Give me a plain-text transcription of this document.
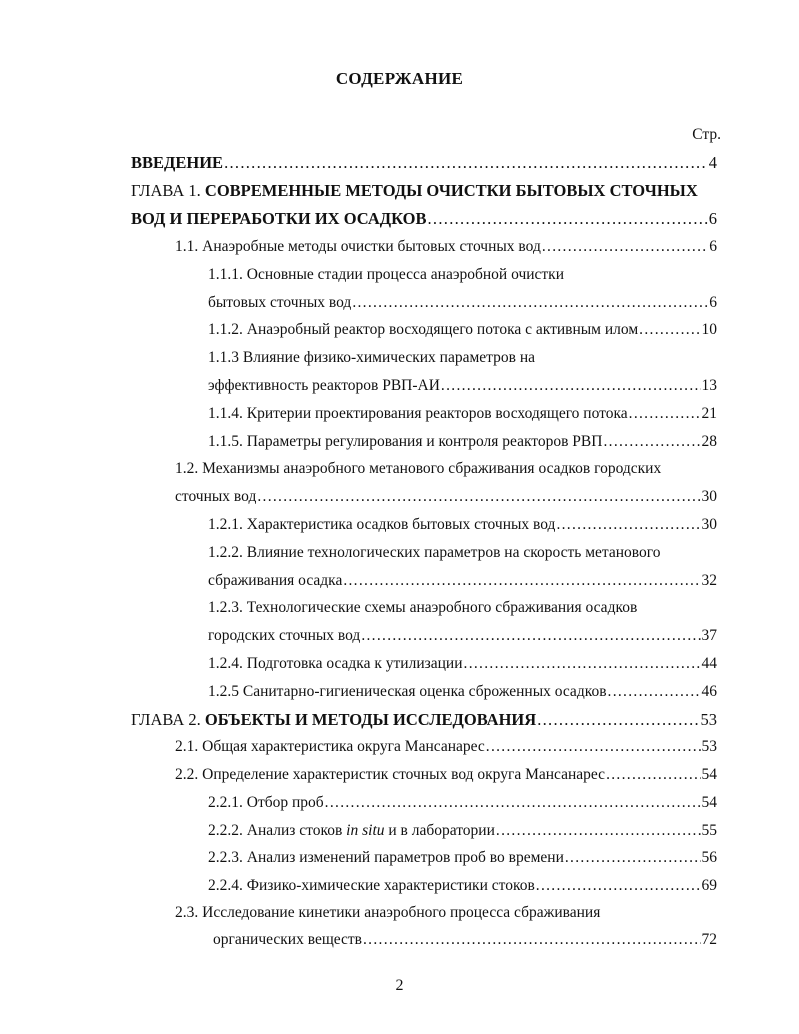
СОДЕРЖАНИЕ
Стр.
ВВЕДЕНИЕ .....	4
ГЛАВА 1. СОВРЕМЕННЫЕ МЕТОДЫ ОЧИСТКИ БЫТОВЫХ СТОЧНЫХ
ВОД И ПЕРЕРАБОТКИ ИХ ОСАДКОВ .....	6
1.1. Анаэробные методы очистки бытовых сточных вод .....	6
1.1.1. Основные стадии процесса анаэробной очистки
бытовых сточных вод .....	6
1.1.2. Анаэробный реактор восходящего потока с активным илом .....	10
1.1.3 Влияние физико-химических параметров на
эффективность реакторов РВП-АИ .....	13
1.1.4. Критерии проектирования реакторов восходящего потока .....	21
1.1.5. Параметры регулирования и контроля реакторов РВП .....	28
1.2. Механизмы анаэробного метанового сбраживания осадков городских
сточных вод .....	30
1.2.1. Характеристика осадков бытовых сточных вод .....	30
1.2.2. Влияние технологических параметров на скорость метанового
сбраживания осадка .....	32
1.2.3. Технологические схемы анаэробного сбраживания осадков
городских сточных вод .....	37
1.2.4. Подготовка осадка к утилизации .....	44
1.2.5 Санитарно-гигиеническая оценка сброженных осадков .....	46
ГЛАВА 2. ОБЪЕКТЫ И МЕТОДЫ ИССЛЕДОВАНИЯ .....	53
2.1. Общая характеристика округа Мансанарес .....	53
2.2. Определение характеристик сточных вод округа Мансанарес .....	54
2.2.1. Отбор проб .....	54
2.2.2. Анализ стоков in situ и в лаборатории .....	55
2.2.3. Анализ изменений параметров проб во времени .....	56
2.2.4. Физико-химические характеристики стоков .....	69
2.3. Исследование кинетики анаэробного процесса сбраживания
органических веществ .....	72
2
